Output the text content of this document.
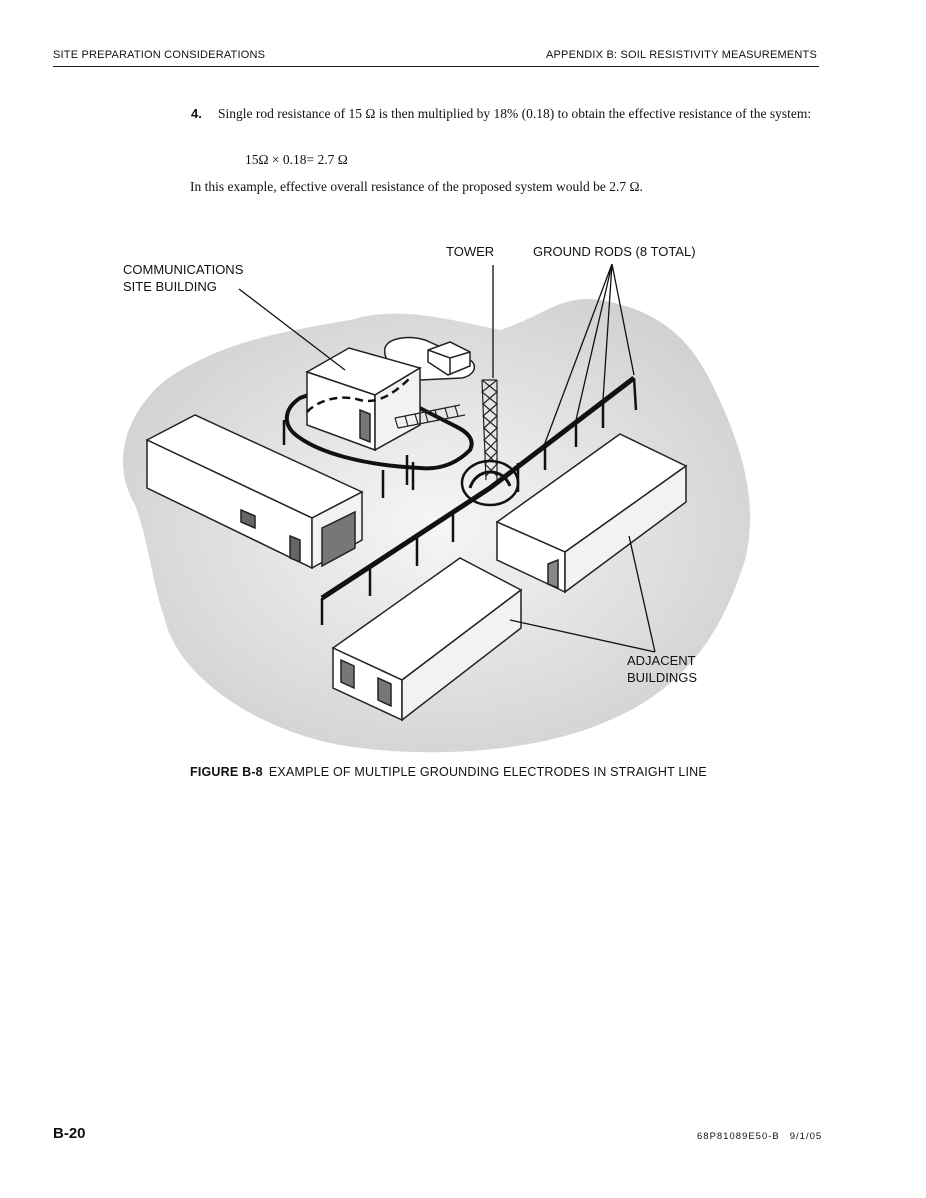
SITE PREPARATION CONSIDERATIONS	APPENDIX B: SOIL RESISTIVITY MEASUREMENTS
4. Single rod resistance of 15 Ω is then multiplied by 18% (0.18) to obtain the effective resistance of the system:
15Ω × 0.18= 2.7 Ω
In this example, effective overall resistance of the proposed system would be 2.7 Ω.
TOWER	GROUND RODS (8 TOTAL)
COMMUNICATIONS
SITE BUILDING
ADJACENT
BUILDINGS
FIGURE B-8 EXAMPLE OF MULTIPLE GROUNDING ELECTRODES IN STRAIGHT LINE
B-20	68P81089E50-B 9/1/05
